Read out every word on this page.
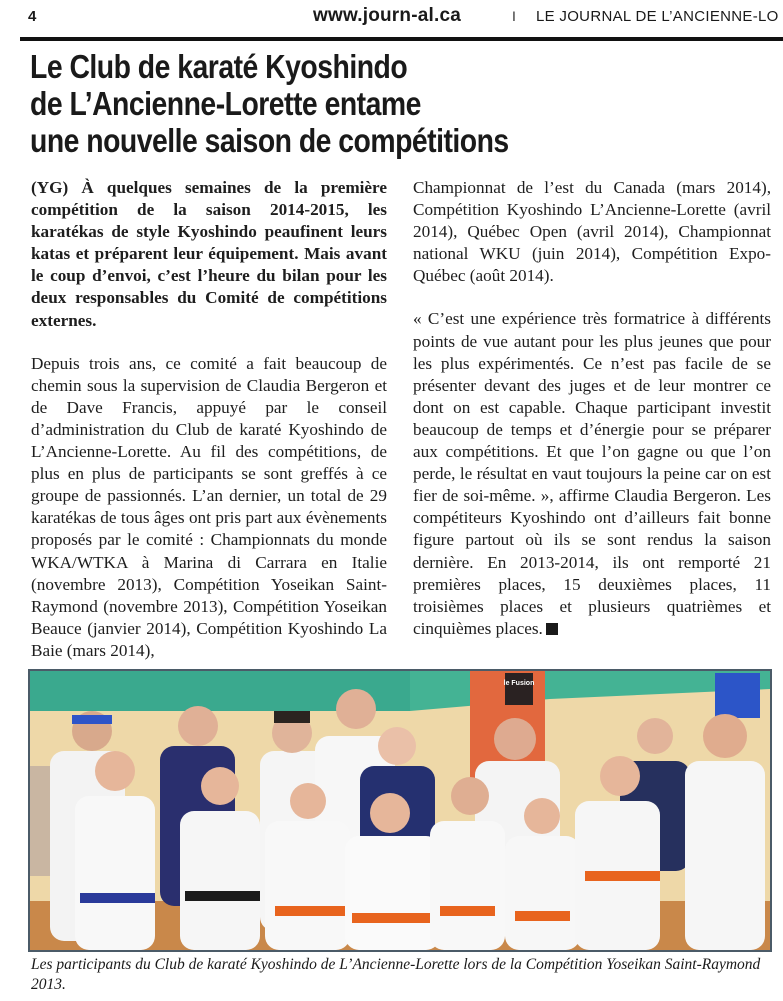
4	www.journ-al.ca	I LE JOURNAL DE L’ANCIENNE-LO
Le Club de karaté Kyoshindo
de L’Ancienne-Lorette entame
une nouvelle saison de compétitions

(YG) À quelques semaines de la première compétition de la saison 2014-2015, les karatékas de style Kyoshindo peaufinent leurs katas et préparent leur équipement. Mais avant le coup d’envoi, c’est l’heure du bilan pour les deux responsables du Comité de compétitions externes.

Depuis trois ans, ce comité a fait beaucoup de chemin sous la supervision de Claudia Bergeron et de Dave Francis, appuyé par le conseil d’administration du Club de karaté Kyoshindo de L’Ancienne-Lorette. Au fil des compétitions, de plus en plus de participants se sont greffés à ce groupe de passionnés. L’an dernier, un total de 29 karatékas de tous âges ont pris part aux évènements proposés par le comité : Championnats du monde WKA/WTKA à Marina di Carrara en Italie (novembre 2013), Compétition Yoseikan Saint-Raymond (novembre 2013), Compétition Yoseikan Beauce (janvier 2014), Compétition Kyoshindo La Baie (mars 2014),

Championnat de l’est du Canada (mars 2014), Compétition Kyoshindo L’Ancienne-Lorette (avril 2014), Québec Open (avril 2014), Championnat national WKU (juin 2014), Compétition Expo-Québec (août 2014).

« C’est une expérience très formatrice à différents points de vue autant pour les plus jeunes que pour les plus expérimentés. Ce n’est pas facile de se présenter devant des juges et de leur montrer ce dont on est capable. Chaque participant investit beaucoup de temps et d’énergie pour se préparer aux compétitions. Et que l’on gagne ou que l’on perde, le résultat en vaut toujours la peine car on est fier de soi-même. », affirme Claudia Bergeron. Les compétiteurs Kyoshindo ont d’ailleurs fait bonne figure partout où ils se sont rendus la saison dernière. En 2013-2014, ils ont remporté 21 premières places, 15 deuxièmes places, 11 troisièmes places et plusieurs quatrièmes et cinquièmes places.

le Fusion
Les participants du Club de karaté Kyoshindo de L’Ancienne-Lorette lors de la Compétition Yoseikan Saint-Raymond 2013.
